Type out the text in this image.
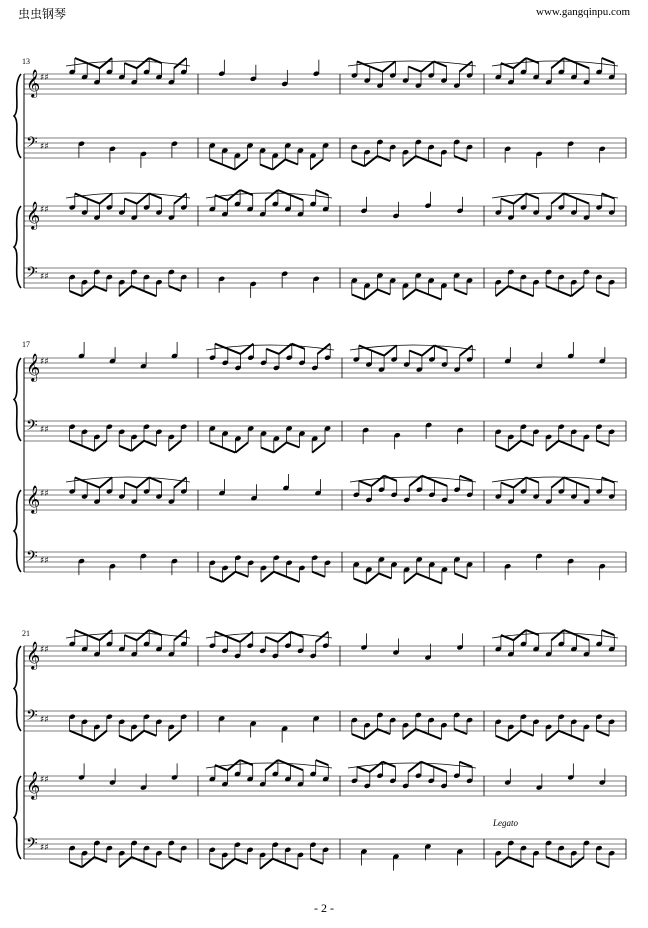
虫虫钢琴	www.gangqinpu.com
13
17
21
Legato
𝄞 ♯♯
𝄢 ♯♯
𝄞 ♯♯
𝄢 ♯♯
𝄞 ♯♯
𝄢 ♯♯
𝄞 ♯♯
𝄢 ♯♯
𝄞 ♯♯
𝄢 ♯♯
𝄞 ♯♯
𝄢 ♯♯
- 2 -
